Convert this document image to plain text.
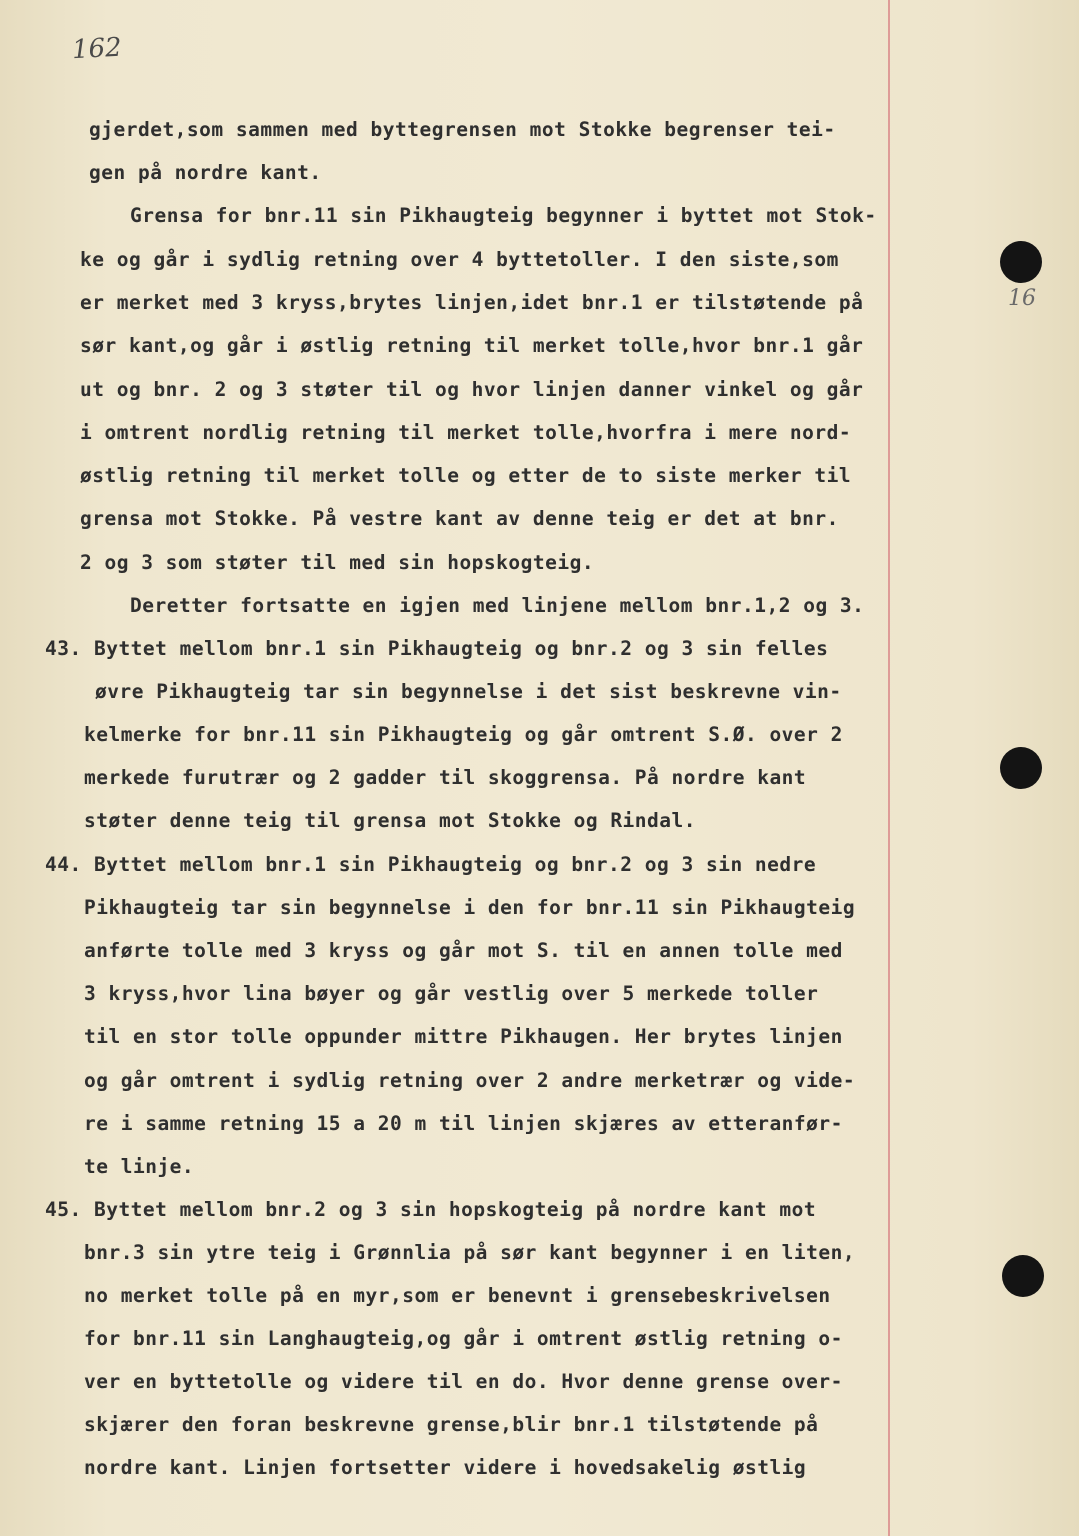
162
16

gjerdet,som sammen med byttegrensen mot Stokke begrenser tei-

gen på nordre kant.

Grensa for bnr.11 sin Pikhaugteig begynner i byttet mot Stok-

ke og går i sydlig retning over 4 byttetoller. I den siste,som

er merket med 3 kryss,brytes linjen,idet bnr.1 er tilstøtende på

sør kant,og går i østlig retning til merket tolle,hvor bnr.1 går

ut og bnr. 2 og 3 støter til og hvor linjen danner vinkel og går

i omtrent nordlig retning til merket tolle,hvorfra i mere nord-

østlig retning til merket tolle og etter de to siste merker til

grensa mot Stokke. På vestre kant av denne teig er det at bnr.

2 og 3 som støter til med sin hopskogteig.

Deretter fortsatte en igjen med linjene mellom bnr.1,2 og 3.

43. Byttet mellom bnr.1 sin Pikhaugteig og bnr.2 og 3 sin felles

øvre Pikhaugteig tar sin begynnelse i det sist beskrevne vin-

kelmerke for bnr.11 sin Pikhaugteig og går omtrent S.Ø. over 2

merkede furutrær og 2 gadder til skoggrensa. På nordre kant

støter denne teig til grensa mot Stokke og Rindal.

44. Byttet mellom bnr.1 sin Pikhaugteig og bnr.2 og 3 sin nedre

Pikhaugteig tar sin begynnelse i den for bnr.11 sin Pikhaugteig

anførte tolle med 3 kryss og går mot S. til en annen tolle med

3 kryss,hvor lina bøyer og går vestlig over 5 merkede toller

til en stor tolle oppunder mittre Pikhaugen. Her brytes linjen

og går omtrent i sydlig retning over 2 andre merketrær og vide-

re i samme retning 15 a 20 m til linjen skjæres av etteranfør-

te linje.

45. Byttet mellom bnr.2 og 3 sin hopskogteig på nordre kant mot

bnr.3 sin ytre teig i Grønnlia på sør kant begynner i en liten,

no merket tolle på en myr,som er benevnt i grensebeskrivelsen

for bnr.11 sin Langhaugteig,og går i omtrent østlig retning o-

ver en byttetolle og videre til en do. Hvor denne grense over-

skjærer den foran beskrevne grense,blir bnr.1 tilstøtende på

nordre kant. Linjen fortsetter videre i hovedsakelig østlig
